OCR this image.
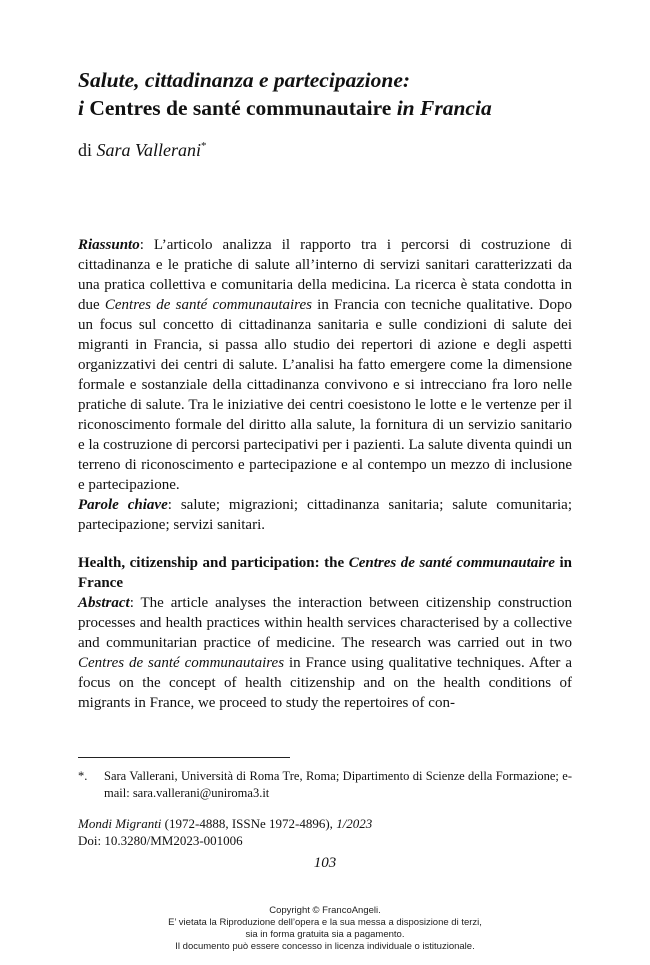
Salute, cittadinanza e partecipazione:
i Centres de santé communautaire in Francia
di Sara Vallerani*

Riassunto: L’articolo analizza il rapporto tra i percorsi di costruzione di cittadinanza e le pratiche di salute all’interno di servizi sanitari caratterizzati da una pratica collettiva e comunitaria della medicina. La ricerca è stata condotta in due Centres de santé communautaires in Francia con tecniche qualitative. Dopo un focus sul concetto di cittadinanza sanitaria e sulle condizioni di salute dei migranti in Francia, si passa allo studio dei repertori di azione e degli aspetti organizzativi dei centri di salute. L’analisi ha fatto emergere come la dimensione formale e sostanziale della cittadinanza convivono e si intrecciano fra loro nelle pratiche di salute. Tra le iniziative dei centri coesistono le lotte e le vertenze per il riconoscimento formale del diritto alla salute, la fornitura di un servizio sanitario e la costruzione di percorsi partecipativi per i pazienti. La salute diventa quindi un terreno di riconoscimento e partecipazione e al contempo un mezzo di inclusione e partecipazione.

Parole chiave: salute; migrazioni; cittadinanza sanitaria; salute comunitaria; partecipazione; servizi sanitari.

Health, citizenship and participation: the Centres de santé communautaire in France

Abstract: The article analyses the interaction between citizenship construction processes and health practices within health services characterised by a collective and communitarian practice of medicine. The research was carried out in two Centres de santé communautaires in France using qualitative techniques. After a focus on the concept of health citizenship and on the health conditions of migrants in France, we proceed to study the repertoires of con-

*.	Sara Vallerani, Università di Roma Tre, Roma; Dipartimento di Scienze della Formazione; e-mail: sara.vallerani@uniroma3.it
Mondi Migranti (1972-4888, ISSNe 1972-4896), 1/2023
Doi: 10.3280/MM2023-001006
103
Copyright © FrancoAngeli.
E’ vietata la Riproduzione dell’opera e la sua messa a disposizione di terzi,
sia in forma gratuita sia a pagamento.
Il documento può essere concesso in licenza individuale o istituzionale.
